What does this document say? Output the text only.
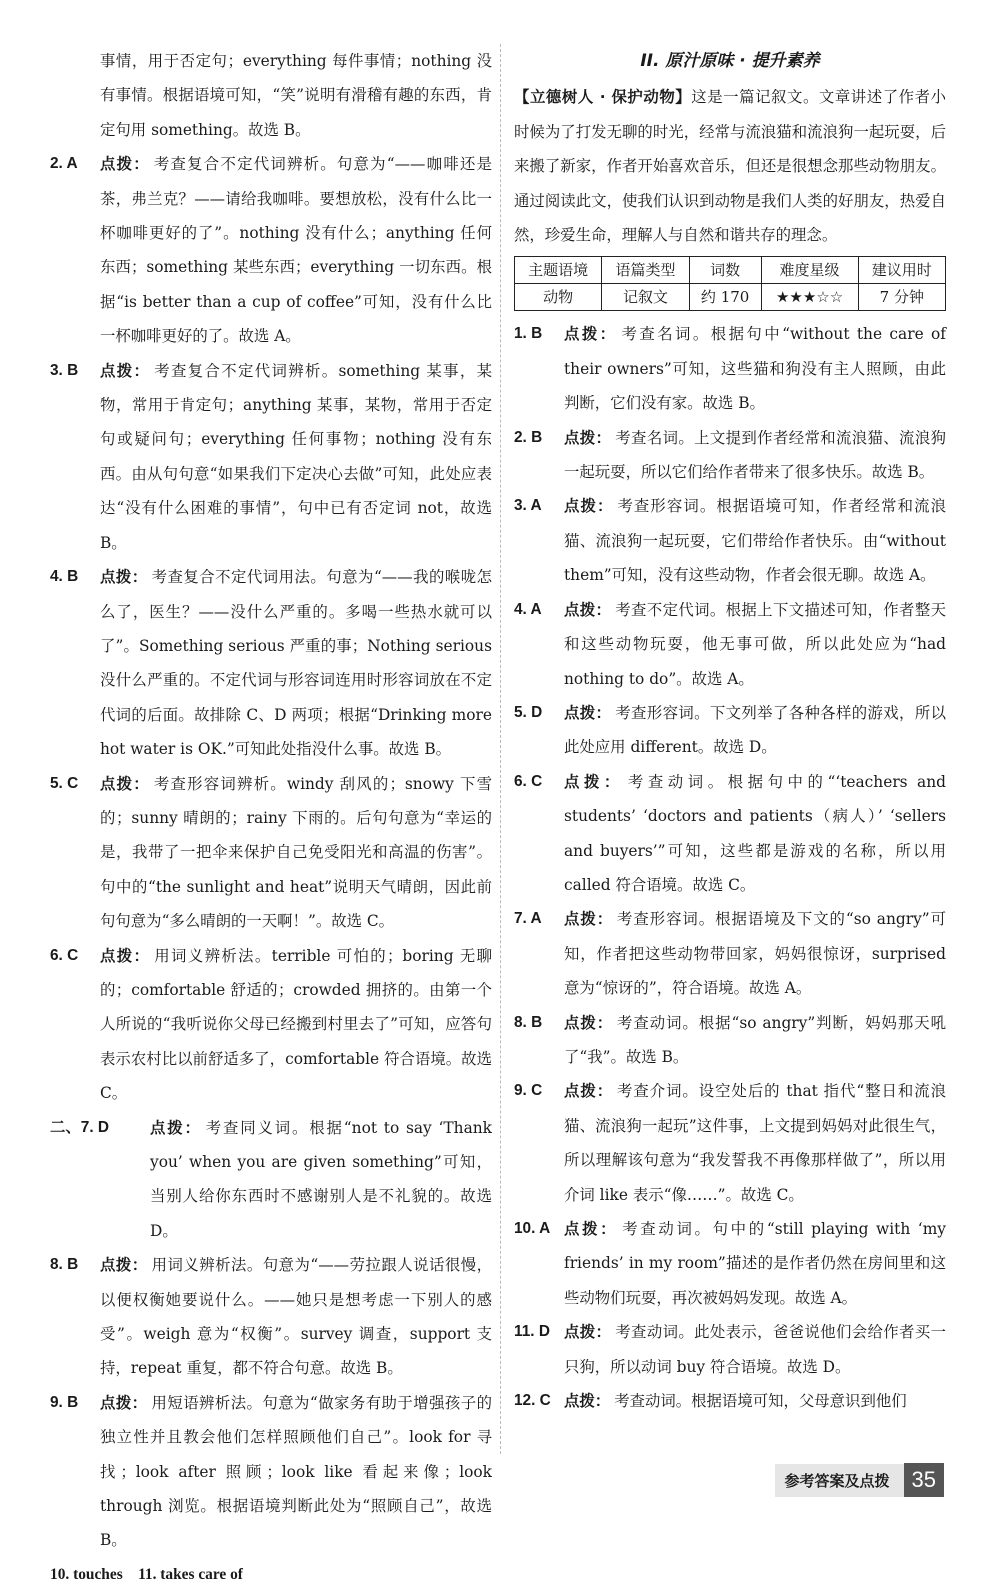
事情，用于否定句；everything 每件事情；nothing 没有事情。根据语境可知，“笑”说明有滑稽有趣的东西，肯定句用 something。故选 B。
2. A 点拨： 考查复合不定代词辨析。句意为“——咖啡还是茶，弗兰克？——请给我咖啡。要想放松，没有什么比一杯咖啡更好的了”。nothing 没有什么；anything 任何东西；something 某些东西；everything 一切东西。根据“is better than a cup of coffee”可知，没有什么比一杯咖啡更好的了。故选 A。
3. B 点拨： 考查复合不定代词辨析。something 某事，某物，常用于肯定句；anything 某事，某物，常用于否定句或疑问句；everything 任何事物；nothing 没有东西。由从句句意“如果我们下定决心去做”可知，此处应表达“没有什么困难的事情”，句中已有否定词 not，故选 B。
4. B 点拨： 考查复合不定代词用法。句意为“——我的喉咙怎么了，医生？——没什么严重的。多喝一些热水就可以了”。Something serious 严重的事；Nothing serious 没什么严重的。不定代词与形容词连用时形容词放在不定代词的后面。故排除 C、D 两项；根据“Drinking more hot water is OK.”可知此处指没什么事。故选 B。
5. C 点拨： 考查形容词辨析。windy 刮风的；snowy 下雪的；sunny 晴朗的；rainy 下雨的。后句句意为“幸运的是，我带了一把伞来保护自己免受阳光和高温的伤害”。句中的“the sunlight and heat”说明天气晴朗，因此前句句意为“多么晴朗的一天啊！”。故选 C。
6. C 点拨： 用词义辨析法。terrible 可怕的；boring 无聊的；comfortable 舒适的；crowded 拥挤的。由第一个人所说的“我听说你父母已经搬到村里去了”可知，应答句表示农村比以前舒适多了，comfortable 符合语境。故选 C。
二、7. D	点拨： 考查同义词。根据“not to say ‘Thank you’ when you are given something”可知，当别人给你东西时不感谢别人是不礼貌的。故选 D。
8. B 点拨： 用词义辨析法。句意为“——劳拉跟人说话很慢，以便权衡她要说什么。——她只是想考虑一下别人的感受”。weigh 意为“权衡”。survey 调查，support 支持，repeat 重复，都不符合句意。故选 B。
9. B 点拨： 用短语辨析法。句意为“做家务有助于增强孩子的独立性并且教会他们怎样照顾他们自己”。look for 寻找；look after 照顾；look like 看起来像；look through 浏览。根据语境判断此处为“照顾自己”，故选 B。
10. touches　11. takes care of
II. 原汁原味 · 提升素养
【立德树人 · 保护动物】这是一篇记叙文。文章讲述了作者小时候为了打发无聊的时光，经常与流浪猫和流浪狗一起玩耍，后来搬了新家，作者开始喜欢音乐，但还是很想念那些动物朋友。通过阅读此文，使我们认识到动物是我们人类的好朋友，热爱自然，珍爱生命，理解人与自然和谐共存的理念。
主题语境	语篇类型	词数	难度星级	建议用时
动物	记叙文	约 170	★★★☆☆	7 分钟
1. B 点拨： 考查名词。根据句中“without the care of their owners”可知，这些猫和狗没有主人照顾，由此判断，它们没有家。故选 B。
2. B 点拨： 考查名词。上文提到作者经常和流浪猫、流浪狗一起玩耍，所以它们给作者带来了很多快乐。故选 B。
3. A 点拨： 考查形容词。根据语境可知，作者经常和流浪猫、流浪狗一起玩耍，它们带给作者快乐。由“without them”可知，没有这些动物，作者会很无聊。故选 A。
4. A 点拨： 考查不定代词。根据上下文描述可知，作者整天和这些动物玩耍，他无事可做，所以此处应为“had nothing to do”。故选 A。
5. D 点拨： 考查形容词。下文列举了各种各样的游戏，所以此处应用 different。故选 D。
6. C 点拨： 考查动词。根据句中的“‘teachers and students’ ‘doctors and patients（病人）’ ‘sellers and buyers’”可知，这些都是游戏的名称，所以用 called 符合语境。故选 C。
7. A 点拨： 考查形容词。根据语境及下文的“so angry”可知，作者把这些动物带回家，妈妈很惊讶，surprised 意为“惊讶的”，符合语境。故选 A。
8. B 点拨： 考查动词。根据“so angry”判断，妈妈那天吼了“我”。故选 B。
9. C 点拨： 考查介词。设空处后的 that 指代“整日和流浪猫、流浪狗一起玩”这件事，上文提到妈妈对此很生气，所以理解该句意为“我发誓我不再像那样做了”，所以用介词 like 表示“像……”。故选 C。
10. A 点拨： 考查动词。句中的“still playing with ‘my friends’ in my room”描述的是作者仍然在房间里和这些动物们玩耍，再次被妈妈发现。故选 A。
11. D 点拨： 考查动词。此处表示，爸爸说他们会给作者买一只狗，所以动词 buy 符合语境。故选 D。
12. C 点拨： 考查动词。根据语境可知，父母意识到他们
参考答案及点拨	35
